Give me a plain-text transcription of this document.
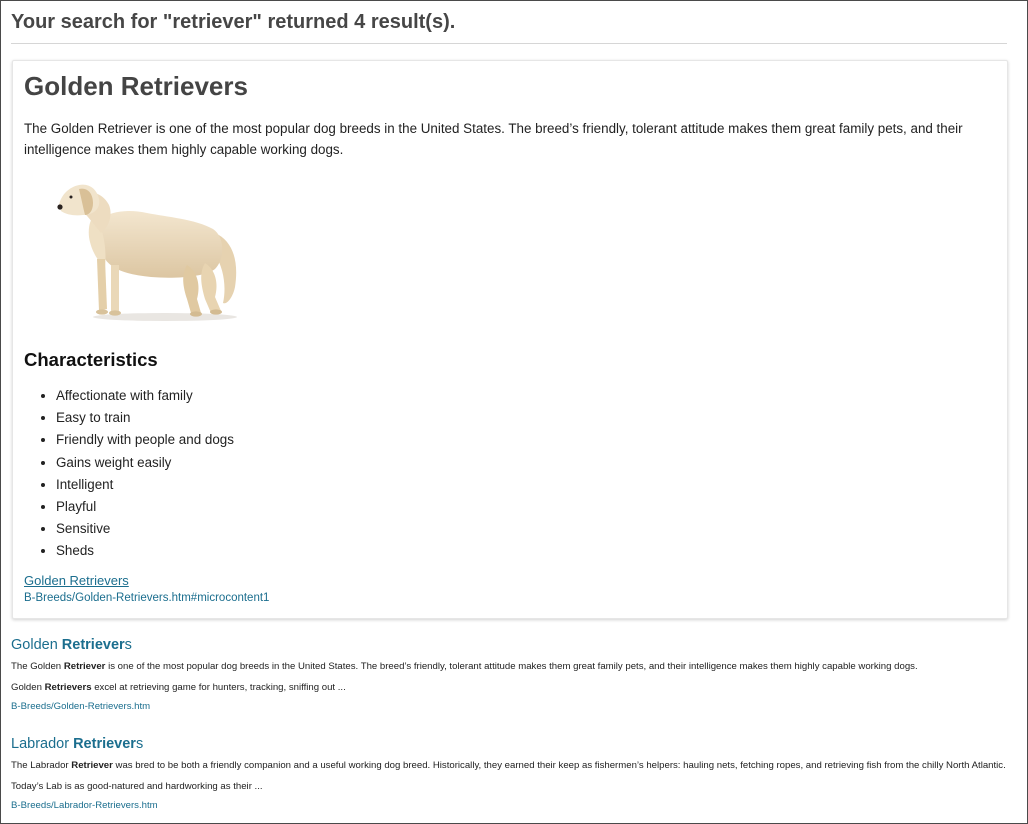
Your search for "retriever" returned 4 result(s).
Golden Retrievers

The Golden Retriever is one of the most popular dog breeds in the United States. The breed’s friendly, tolerant attitude makes them great family pets, and their intelligence makes them highly capable working dogs.

Characteristics
• Affectionate with family
• Easy to train
• Friendly with people and dogs
• Gains weight easily
• Intelligent
• Playful
• Sensitive
• Sheds
Golden Retrievers
B-Breeds/Golden-Retrievers.htm#microcontent1
Golden Retrievers
The Golden Retriever is one of the most popular dog breeds in the United States. The breed’s friendly, tolerant attitude makes them great family pets, and their intelligence makes them highly capable working dogs.
Golden Retrievers excel at retrieving game for hunters, tracking, sniffing out ...
B-Breeds/Golden-Retrievers.htm
Labrador Retrievers
The Labrador Retriever was bred to be both a friendly companion and a useful working dog breed. Historically, they earned their keep as fishermen’s helpers: hauling nets, fetching ropes, and retrieving fish from the chilly North Atlantic. Today’s Lab is as good-natured and hardworking as their ...
B-Breeds/Labrador-Retrievers.htm
